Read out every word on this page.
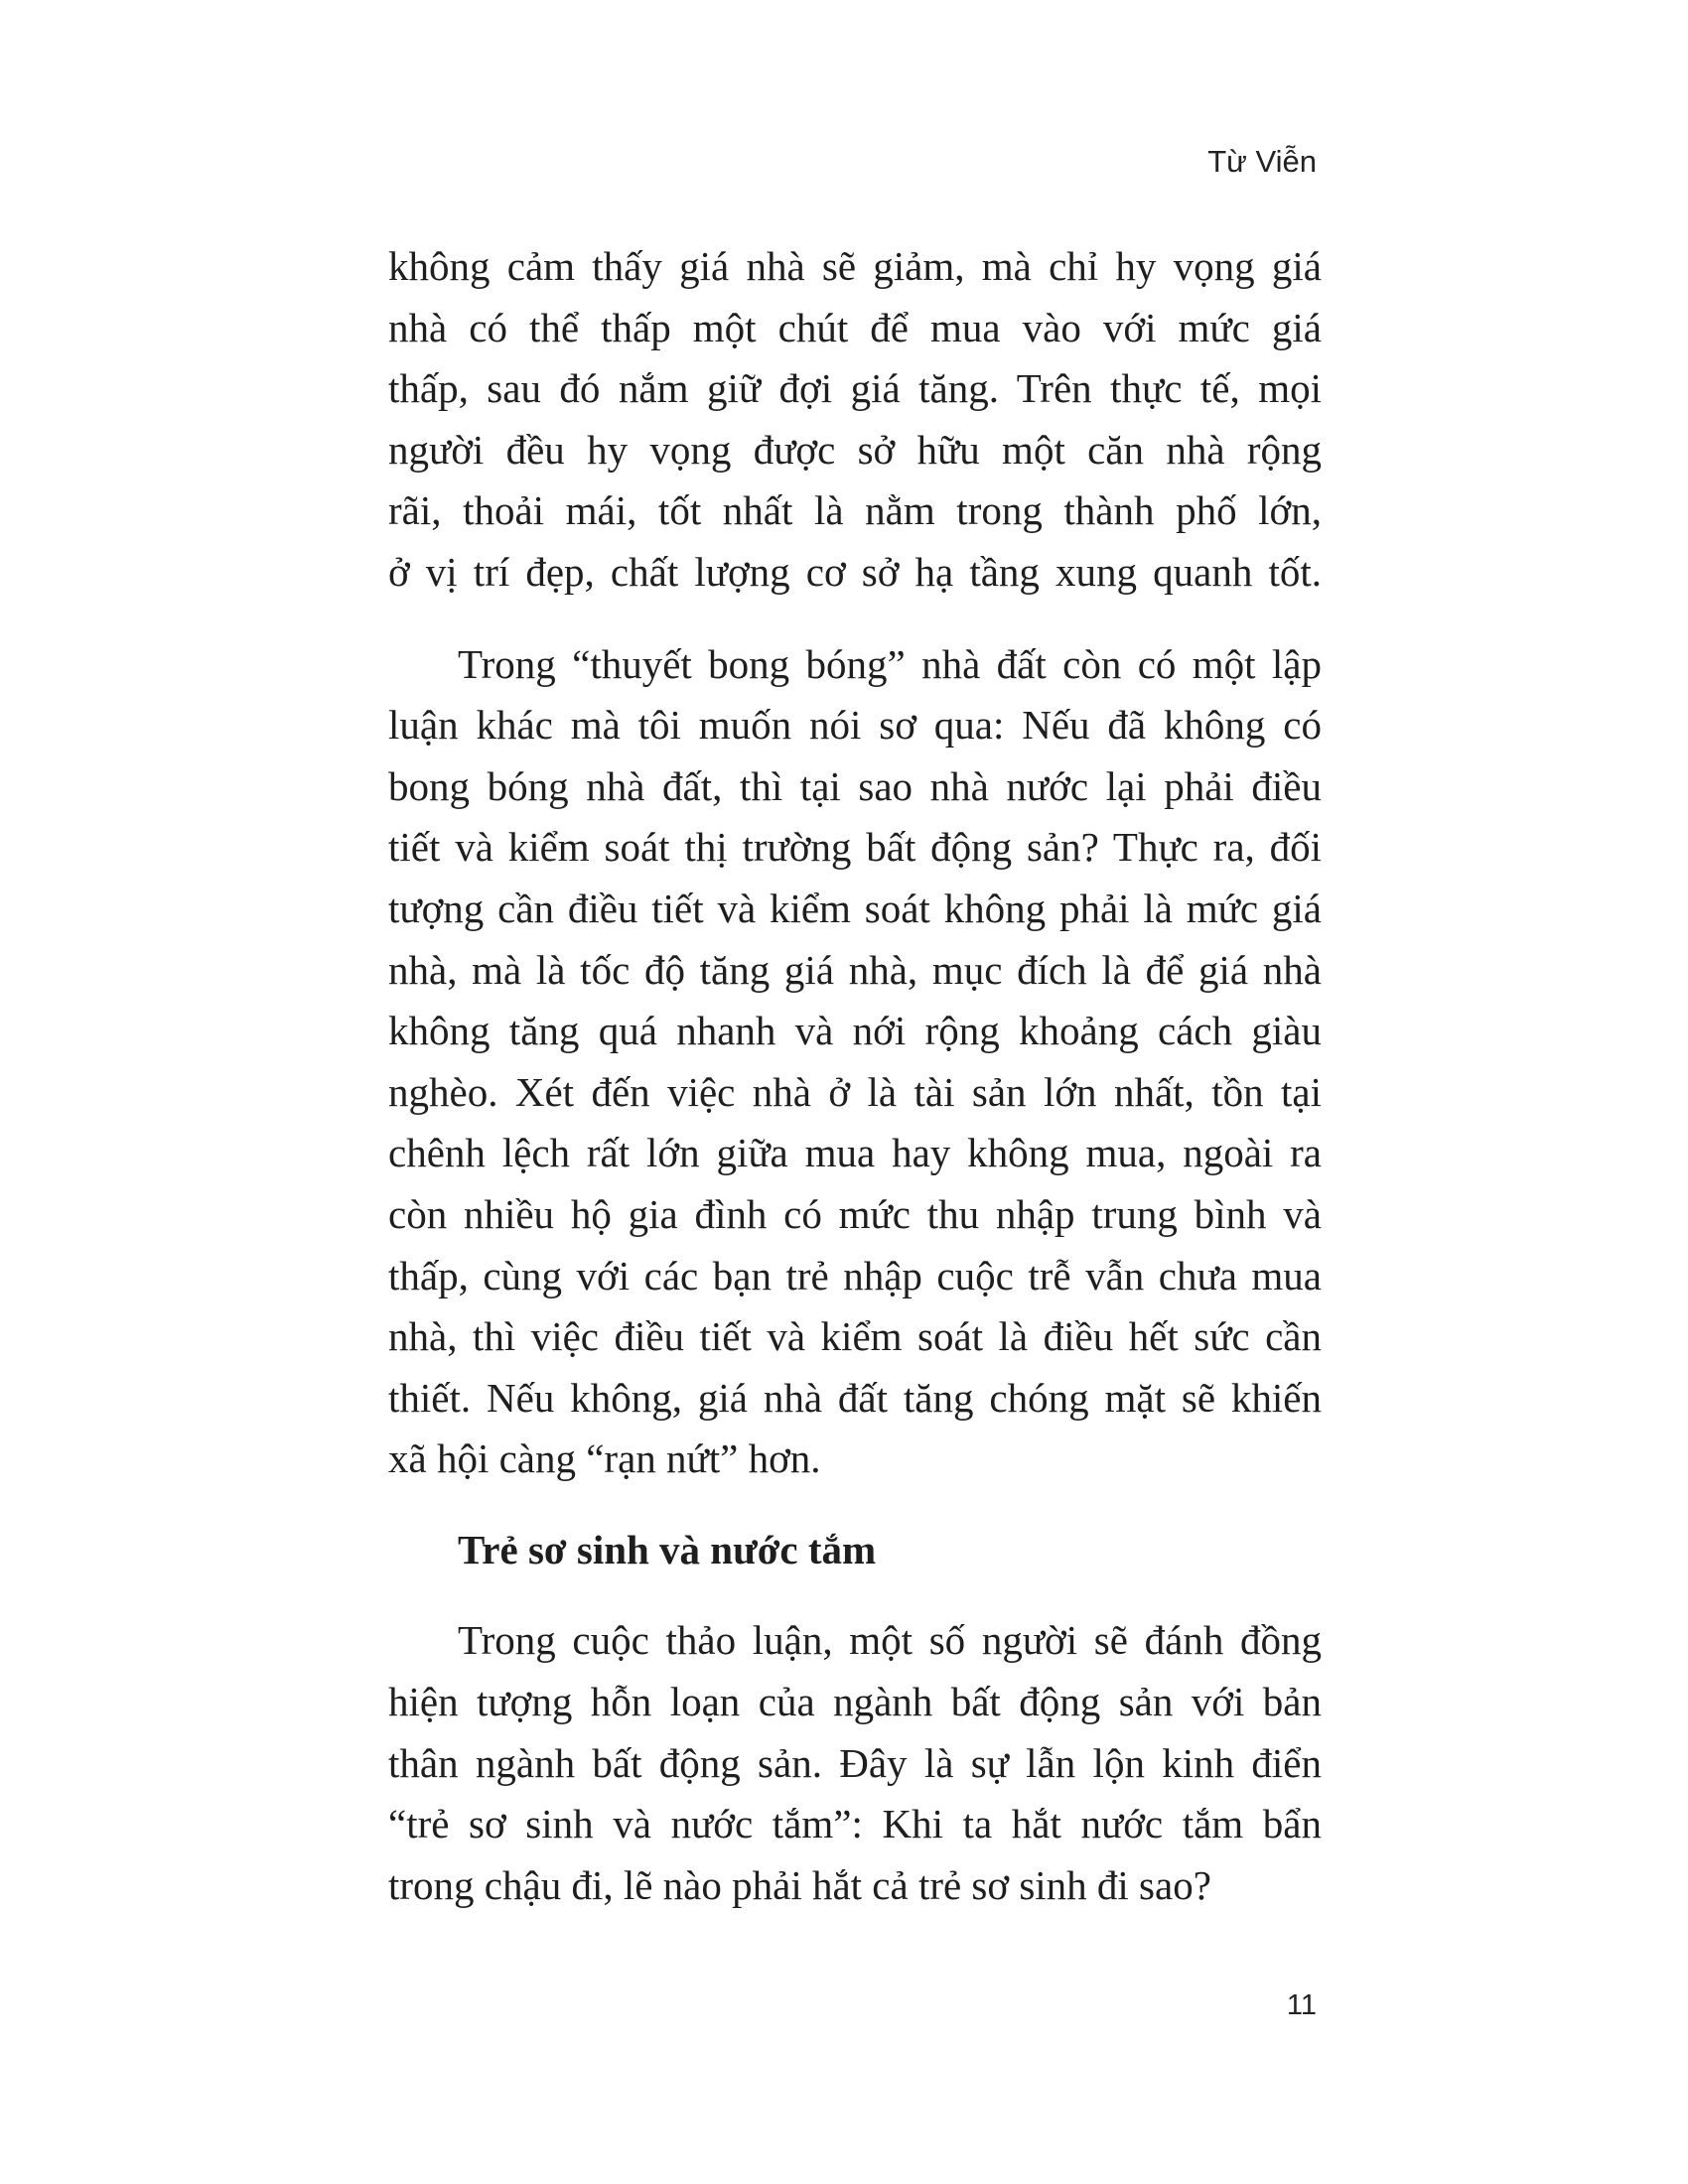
Từ Viễn
không cảm thấy giá nhà sẽ giảm, mà chỉ hy vọng giá
nhà có thể thấp một chút để mua vào với mức giá
thấp, sau đó nắm giữ đợi giá tăng. Trên thực tế, mọi
người đều hy vọng được sở hữu một căn nhà rộng
rãi, thoải mái, tốt nhất là nằm trong thành phố lớn,
ở vị trí đẹp, chất lượng cơ sở hạ tầng xung quanh tốt.
Trong “thuyết bong bóng” nhà đất còn có một lập
luận khác mà tôi muốn nói sơ qua: Nếu đã không có
bong bóng nhà đất, thì tại sao nhà nước lại phải điều
tiết và kiểm soát thị trường bất động sản? Thực ra, đối
tượng cần điều tiết và kiểm soát không phải là mức giá
nhà, mà là tốc độ tăng giá nhà, mục đích là để giá nhà
không tăng quá nhanh và nới rộng khoảng cách giàu
nghèo. Xét đến việc nhà ở là tài sản lớn nhất, tồn tại
chênh lệch rất lớn giữa mua hay không mua, ngoài ra
còn nhiều hộ gia đình có mức thu nhập trung bình và
thấp, cùng với các bạn trẻ nhập cuộc trễ vẫn chưa mua
nhà, thì việc điều tiết và kiểm soát là điều hết sức cần
thiết. Nếu không, giá nhà đất tăng chóng mặt sẽ khiến
xã hội càng “rạn nứt” hơn.
Trẻ sơ sinh và nước tắm
Trong cuộc thảo luận, một số người sẽ đánh đồng
hiện tượng hỗn loạn của ngành bất động sản với bản
thân ngành bất động sản. Đây là sự lẫn lộn kinh điển
“trẻ sơ sinh và nước tắm”: Khi ta hắt nước tắm bẩn
trong chậu đi, lẽ nào phải hắt cả trẻ sơ sinh đi sao?
11
